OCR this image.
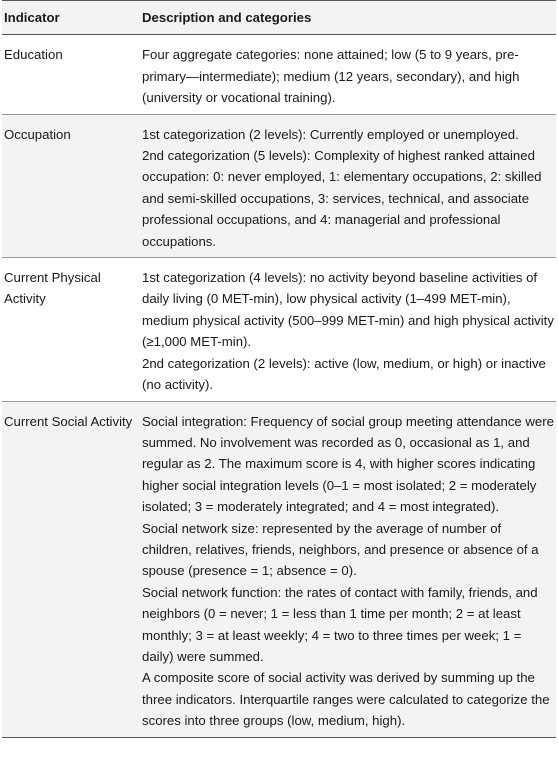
Indicator	Description and categories
Education	Four aggregate categories: none attained; low (5 to 9 years, pre-primary—intermediate); medium (12 years, secondary), and high (university or vocational training).

Occupation	1st categorization (2 levels): Currently employed or unemployed.
2nd categorization (5 levels): Complexity of highest ranked attained occupation: 0: never employed, 1: elementary occupations, 2: skilled and semi-skilled occupations, 3: services, technical, and associate professional occupations, and 4: managerial and professional occupations.

Current Physical Activity	1st categorization (4 levels): no activity beyond baseline activities of daily living (0 MET-min), low physical activity (1–499 MET-min), medium physical activity (500–999 MET-min) and high physical activity (≥1,000 MET-min).
2nd categorization (2 levels): active (low, medium, or high) or inactive (no activity).

Current Social Activity	Social integration: Frequency of social group meeting attendance were summed. No involvement was recorded as 0, occasional as 1, and regular as 2. The maximum score is 4, with higher scores indicating higher social integration levels (0–1 = most isolated; 2 = moderately isolated; 3 = moderately integrated; and 4 = most integrated).
Social network size: represented by the average of number of children, relatives, friends, neighbors, and presence or absence of a spouse (presence = 1; absence = 0).
Social network function: the rates of contact with family, friends, and neighbors (0 = never; 1 = less than 1 time per month; 2 = at least monthly; 3 = at least weekly; 4 = two to three times per week; 1 = daily) were summed.
A composite score of social activity was derived by summing up the three indicators. Interquartile ranges were calculated to categorize the scores into three groups (low, medium, high).
